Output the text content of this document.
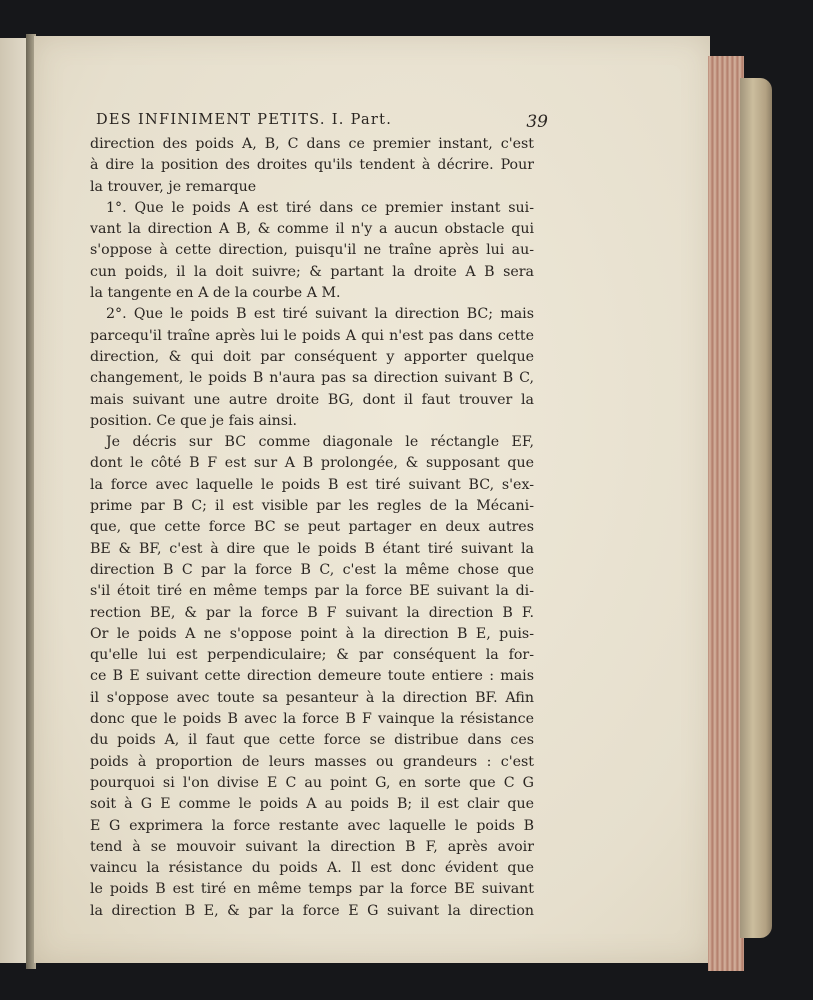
DES INFINIMENT PETITS. I. Part.	39
direction des poids A, B, C dans ce premier instant, c'est
à dire la position des droites qu'ils tendent à décrire. Pour
la trouver, je remarque
1°. Que le poids A est tiré dans ce premier instant sui-
vant la direction A B, & comme il n'y a aucun obstacle qui
s'oppose à cette direction, puisqu'il ne traîne après lui au-
cun poids, il la doit suivre; & partant la droite A B sera
la tangente en A de la courbe A M.
2°. Que le poids B est tiré suivant la direction BC; mais
parcequ'il traîne après lui le poids A qui n'est pas dans cette
direction, & qui doit par conséquent y apporter quelque
changement, le poids B n'aura pas sa direction suivant B C,
mais suivant une autre droite BG, dont il faut trouver la
position. Ce que je fais ainsi.
Je décris sur BC comme diagonale le réctangle EF,
dont le côté B F est sur A B prolongée, & supposant que
la force avec laquelle le poids B est tiré suivant BC, s'ex-
prime par B C; il est visible par les regles de la Mécani-
que, que cette force BC se peut partager en deux autres
BE & BF, c'est à dire que le poids B étant tiré suivant la
direction B C par la force B C, c'est la même chose que
s'il étoit tiré en même temps par la force BE suivant la di-
rection BE, & par la force B F suivant la direction B F.
Or le poids A ne s'oppose point à la direction B E, puis-
qu'elle lui est perpendiculaire; & par conséquent la for-
ce B E suivant cette direction demeure toute entiere : mais
il s'oppose avec toute sa pesanteur à la direction BF. Afin
donc que le poids B avec la force B F vainque la résistance
du poids A, il faut que cette force se distribue dans ces
poids à proportion de leurs masses ou grandeurs : c'est
pourquoi si l'on divise E C au point G, en sorte que C G
soit à G E comme le poids A au poids B; il est clair que
E G exprimera la force restante avec laquelle le poids B
tend à se mouvoir suivant la direction B F, après avoir
vaincu la résistance du poids A. Il est donc évident que
le poids B est tiré en même temps par la force BE suivant
la direction B E, & par la force E G suivant la direction
